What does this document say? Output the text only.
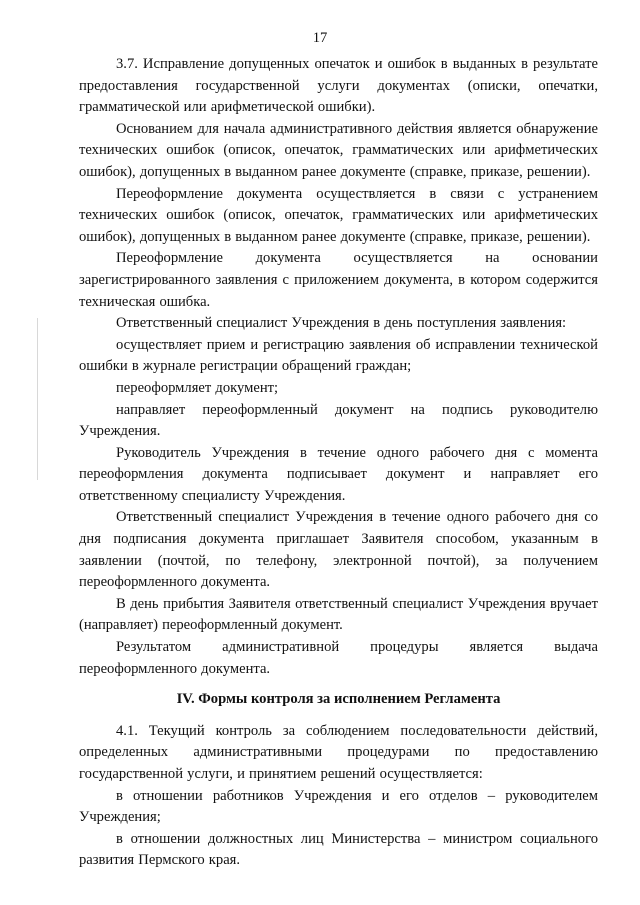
17

3.7. Исправление допущенных опечаток и ошибок в выданных в результате предоставления государственной услуги документах (описки, опечатки, грамматической или арифметической ошибки).

Основанием для начала административного действия является обнаружение технических ошибок (описок, опечаток, грамматических или арифметических ошибок), допущенных в выданном ранее документе (справке, приказе, решении).

Переоформление документа осуществляется в связи с устранением технических ошибок (описок, опечаток, грамматических или арифметических ошибок), допущенных в выданном ранее документе (справке, приказе, решении).

Переоформление документа осуществляется на основании зарегистрированного заявления с приложением документа, в котором содержится техническая ошибка.

Ответственный специалист Учреждения в день поступления заявления:

осуществляет прием и регистрацию заявления об исправлении технической ошибки в журнале регистрации обращений граждан;

переоформляет документ;

направляет переоформленный документ на подпись руководителю Учреждения.

Руководитель Учреждения в течение одного рабочего дня с момента переоформления документа подписывает документ и направляет его ответственному специалисту Учреждения.

Ответственный специалист Учреждения в течение одного рабочего дня со дня подписания документа приглашает Заявителя способом, указанным в заявлении (почтой, по телефону, электронной почтой), за получением переоформленного документа.

В день прибытия Заявителя ответственный специалист Учреждения вручает (направляет) переоформленный документ.

Результатом административной процедуры является выдача переоформленного документа.

IV. Формы контроля за исполнением Регламента

4.1. Текущий контроль за соблюдением последовательности действий, определенных административными процедурами по предоставлению государственной услуги, и принятием решений осуществляется:

в отношении работников Учреждения и его отделов – руководителем Учреждения;

в отношении должностных лиц Министерства – министром социального развития Пермского края.
